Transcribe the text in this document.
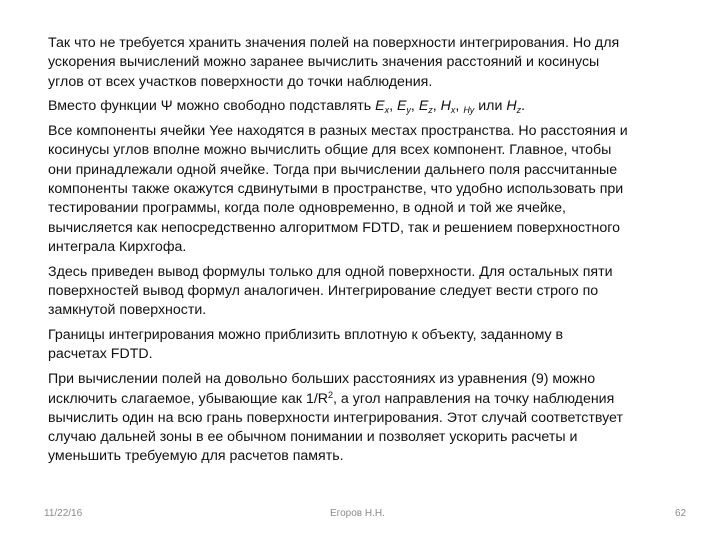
Так что не требуется хранить значения полей на поверхности интегрирования. Но для
ускорения вычислений можно заранее вычислить значения расстояний и косинусы
углов от всех участков поверхности до точки наблюдения.

Вместо функции Ψ можно свободно подставлять $E_x$, $E_y$, $E_z$, $H_x$, $_{Hy}$ или $H_z$.

Все компоненты ячейки Yee находятся в разных местах пространства. Но расстояния и
косинусы углов вполне можно вычислить общие для всех компонент. Главное, чтобы
они принадлежали одной ячейке. Тогда при вычислении дальнего поля рассчитанные
компоненты также окажутся сдвинутыми в пространстве, что удобно использовать при
тестировании программы, когда поле одновременно, в одной и той же ячейке,
вычисляется как непосредственно алгоритмом FDTD, так и решением поверхностного
интеграла Кирхгофа.

Здесь приведен вывод формулы только для одной поверхности. Для остальных пяти
поверхностей вывод формул аналогичен. Интегрирование следует вести строго по
замкнутой поверхности.

Границы интегрирования можно приблизить вплотную к объекту, заданному в
расчетах FDTD.

При вычислении полей на довольно больших расстояниях из уравнения (9) можно
исключить слагаемое, убывающие как $1/R^2$, а угол направления на точку наблюдения
вычислить один на всю грань поверхности интегрирования. Этот случай соответствует
случаю дальней зоны в ее обычном понимании и позволяет ускорить расчеты и
уменьшить требуемую для расчетов память.

11/22/16	Егоров Н.Н.	62
